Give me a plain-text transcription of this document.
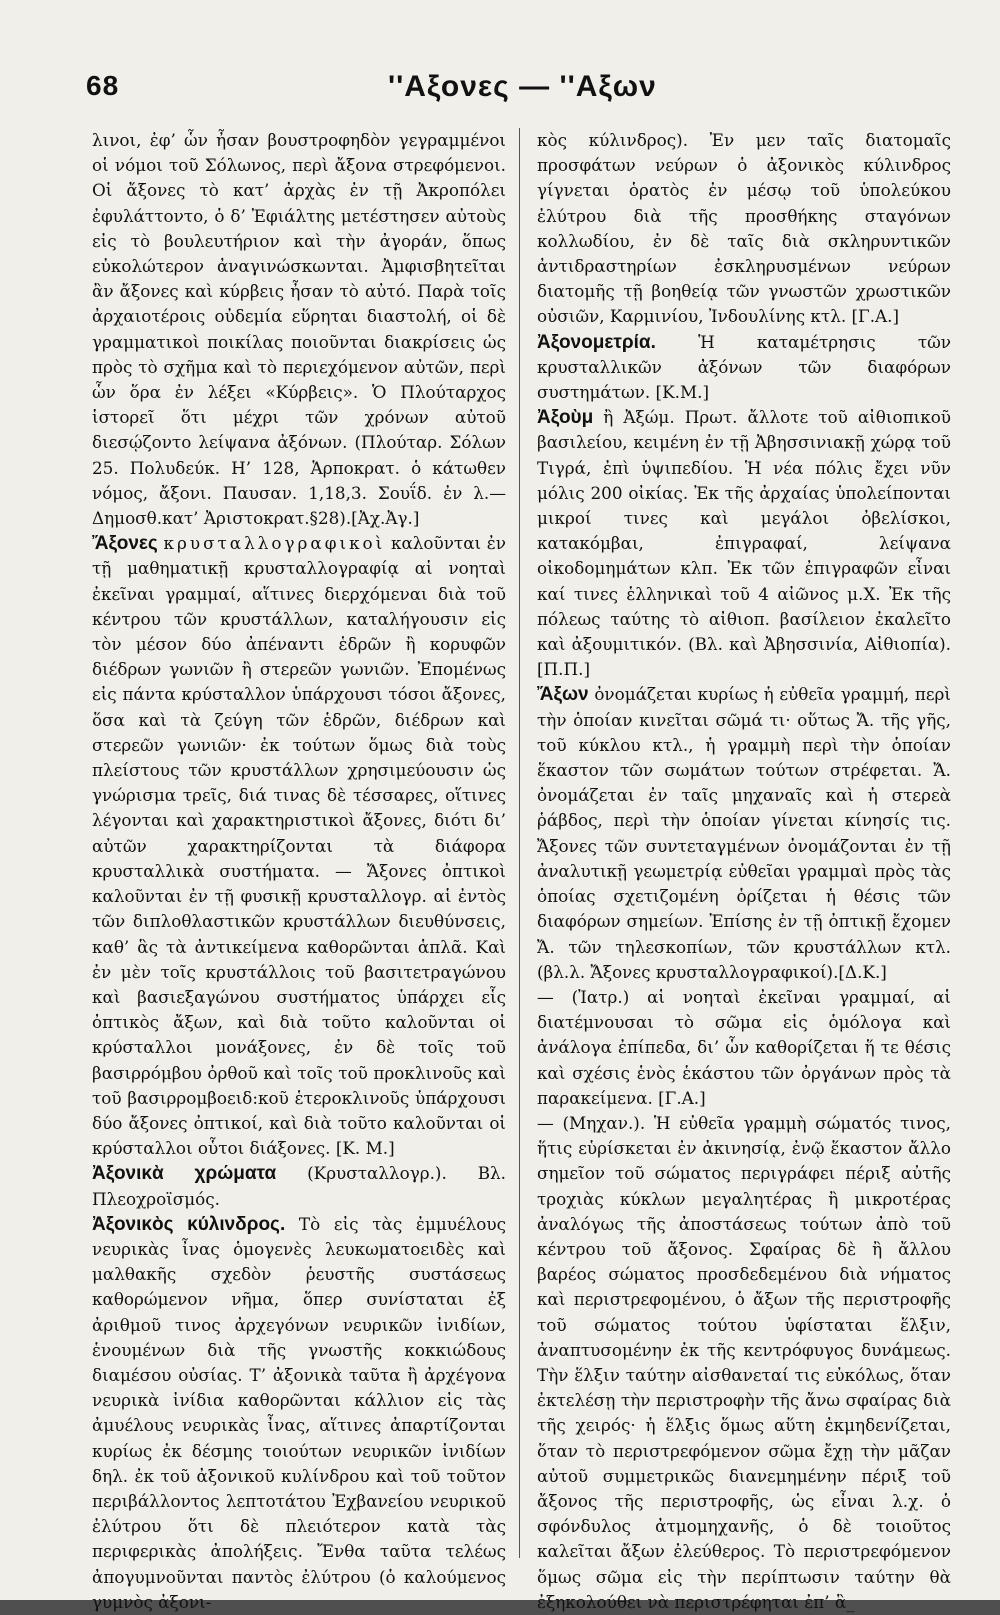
68	''Αξονες — ''Αξων

λινοι, ἐφ’ ὧν ἦσαν βουστροφηδὸν γεγραμμένοι οἱ νόμοι τοῦ Σόλωνος, περὶ ἄξονα στρεφόμενοι. Οἱ ἄξονες τὸ κατ’ ἀρχὰς ἐν τῇ Ἀκροπόλει ἐφυλάττοντο, ὁ δ’ Ἐφιάλτης μετέστησεν αὐτοὺς εἰς τὸ βουλευτήριον καὶ τὴν ἀγοράν, ὅπως εὐκολώτερον ἀναγινώσκωνται. Ἀμφισβητεῖται ἂν ἄξονες καὶ κύρβεις ἦσαν τὸ αὐτό. Παρὰ τοῖς ἀρχαιοτέροις οὐδεμία εὕρηται διαστολή, οἱ δὲ γραμματικοὶ ποικίλας ποιοῦνται διακρίσεις ὡς πρὸς τὸ σχῆμα καὶ τὸ περιεχόμενον αὐτῶν, περὶ ὧν ὅρα ἐν λέξει «Κύρβεις». Ὁ Πλούταρχος ἱστορεῖ ὅτι μέχρι τῶν χρόνων αὐτοῦ διεσῴζοντο λείψανα ἀξόνων. (Πλούταρ. Σόλων 25. Πολυδεύκ. Η’ 128, Ἁρποκρατ. ὁ κάτωθεν νόμος, ἄξονι. Παυσαν. 1,18,3. Σουΐδ. ἐν λ.—Δημοσθ.κατ’ Ἀριστοκρατ.§28).[Ἀχ.Ἀγ.]

Ἄξονες κρυσταλλογραφικοὶ καλοῦνται ἐν τῇ μαθηματικῇ κρυσταλλογραφίᾳ αἱ νοηταὶ ἐκεῖναι γραμμαί, αἵτινες διερχόμεναι διὰ τοῦ κέντρου τῶν κρυστάλλων, καταλήγουσιν εἰς τὸν μέσον δύο ἀπέναντι ἑδρῶν ἢ κορυφῶν διέδρων γωνιῶν ἢ στερεῶν γωνιῶν. Ἐπομένως εἰς πάντα κρύσταλλον ὑπάρχουσι τόσοι ἄξονες, ὅσα καὶ τὰ ζεύγη τῶν ἑδρῶν, διέδρων καὶ στερεῶν γωνιῶν· ἐκ τούτων ὅμως διὰ τοὺς πλείστους τῶν κρυστάλλων χρησιμεύουσιν ὡς γνώρισμα τρεῖς, διά τινας δὲ τέσσαρες, οἵτινες λέγονται καὶ χαρακτηριστικοὶ ἄξονες, διότι δι’ αὐτῶν χαρακτηρίζονται τὰ διάφορα κρυσταλλικὰ συστήματα. — Ἄξονες ὀπτικοὶ καλοῦνται ἐν τῇ φυσικῇ κρυσταλλογρ. αἱ ἐντὸς τῶν διπλοθλαστικῶν κρυστάλλων διευθύνσεις, καθ’ ἃς τὰ ἀντικείμενα καθορῶνται ἁπλᾶ. Καὶ ἐν μὲν τοῖς κρυστάλλοις τοῦ βασιτετραγώνου καὶ βασιεξαγώνου συστήματος ὑπάρχει εἷς ὀπτικὸς ἄξων, καὶ διὰ τοῦτο καλοῦνται οἱ κρύσταλλοι μονάξονες, ἐν δὲ τοῖς τοῦ βασιρρόμβου ὀρθοῦ καὶ τοῖς τοῦ προκλινοῦς καὶ τοῦ βασιρρομβοειδ:κοῦ ἑτεροκλινοῦς ὑπάρχουσι δύο ἄξονες ὀπτικοί, καὶ διὰ τοῦτο καλοῦνται οἱ κρύσταλλοι οὗτοι διάξονες. [Κ. Μ.]

Ἀξονικὰ χρώματα (Κρυσταλλογρ.). Βλ. Πλεοχροϊσμός.

Ἀξονικὸς κύλινδρος. Τὸ εἰς τὰς ἐμμυέλους νευρικὰς ἶνας ὁμογενὲς λευκωματοειδὲς καὶ μαλθακῆς σχεδὸν ῥευστῆς συστάσεως καθορώμενον νῆμα, ὅπερ συνίσταται ἐξ ἀριθμοῦ τινος ἀρχεγόνων νευρικῶν ἰνιδίων, ἑνουμένων διὰ τῆς γνωστῆς κοκκιώδους διαμέσου οὐσίας. Τ’ ἀξονικὰ ταῦτα ἢ ἀρχέγονα νευρικὰ ἰνίδια καθορῶνται κάλλιον εἰς τὰς ἀμυέλους νευρικὰς ἶνας, αἵτινες ἀπαρτίζονται κυρίως ἐκ δέσμης τοιούτων νευρικῶν ἰνιδίων δηλ. ἐκ τοῦ ἀξονικοῦ κυλίνδρου καὶ τοῦ τοῦτον περιβάλλοντος λεπτοτάτου Ἐχβανείου νευρικοῦ ἐλύτρου ὅτι δὲ πλειότερον κατὰ τὰς περιφερικὰς ἀπολήξεις. Ἔνθα ταῦτα τελέως ἀπογυμνοῦνται παντὸς ἐλύτρου (ὁ καλούμενος γυμνὸς ἀξονι-

κὸς κύλινδρος). Ἐν μεν ταῖς διατομαῖς προσφάτων νεύρων ὁ ἀξονικὸς κύλινδρος γίγνεται ὁρατὸς ἐν μέσῳ τοῦ ὑπολεύκου ἐλύτρου διὰ τῆς προσθήκης σταγόνων κολλωδίου, ἐν δὲ ταῖς διὰ σκληρυντικῶν ἀντιδραστηρίων ἐσκληρυσμένων νεύρων διατομῆς τῇ βοηθείᾳ τῶν γνωστῶν χρωστικῶν οὐσιῶν, Καρμινίου, Ἰνδουλίνης κτλ. [Γ.Α.]

Ἀξονομετρία.	Ἡ καταμέτρησις τῶν κρυσταλλικῶν ἀξόνων τῶν διαφόρων συστημάτων. [Κ.Μ.]

Ἀξοὺμ ἢ Ἀξώμ. Πρωτ. ἄλλοτε τοῦ αἰθιοπικοῦ βασιλείου, κειμένη ἐν τῇ Ἀβησσινιακῇ χώρᾳ τοῦ Τιγρά, ἐπὶ ὑψιπεδίου. Ἡ νέα πόλις ἔχει νῦν μόλις 200 οἰκίας. Ἐκ τῆς ἀρχαίας ὑπολείπονται μικροί τινες καὶ μεγάλοι ὀβελίσκοι, κατακόμβαι, ἐπιγραφαί, λείψανα οἰκοδομημάτων κλπ. Ἐκ τῶν ἐπιγραφῶν εἶναι καί τινες ἑλληνικαὶ τοῦ 4 αἰῶνος μ.Χ. Ἐκ τῆς πόλεως ταύτης τὸ αἰθιοπ. βασίλειον ἐκαλεῖτο καὶ ἀξουμιτικόν. (Βλ. καὶ Ἀβησσινία, Αἰθιοπία). [Π.Π.]

Ἄξων ὀνομάζεται κυρίως ἡ εὐθεῖα γραμμή, περὶ τὴν ὁποίαν κινεῖται σῶμά τι· οὕτως Ἄ. τῆς γῆς, τοῦ κύκλου κτλ., ἡ γραμμὴ περὶ τὴν ὁποίαν ἕκαστον τῶν σωμάτων τούτων στρέφεται. Ἄ. ὀνομάζεται ἐν ταῖς μηχαναῖς καὶ ἡ στερεὰ ῥάβδος, περὶ τὴν ὁποίαν γίνεται κίνησίς τις. Ἄξονες τῶν συντεταγμένων ὀνομάζονται ἐν τῇ ἀναλυτικῇ γεωμετρίᾳ εὐθεῖαι γραμμαὶ πρὸς τὰς ὁποίας σχετιζομένη ὁρίζεται ἡ θέσις τῶν διαφόρων σημείων. Ἐπίσης ἐν τῇ ὀπτικῇ ἔχομεν Ἄ. τῶν τηλεσκοπίων, τῶν κρυστάλλων κτλ.(βλ.λ. Ἄξονες κρυσταλλογραφικοί).[Δ.Κ.]

— (Ἰατρ.) αἱ νοηταὶ ἐκεῖναι γραμμαί, αἱ διατέμνουσαι τὸ σῶμα εἰς ὁμόλογα καὶ ἀνάλογα ἐπίπεδα, δι’ ὧν καθορίζεται ἥ τε θέσις καὶ σχέσις ἑνὸς ἑκάστου τῶν ὀργάνων πρὸς τὰ παρακείμενα. [Γ.Α.]

— (Μηχαν.). Ἡ εὐθεῖα γραμμὴ σώματός τινος, ἥτις εὑρίσκεται ἐν ἀκινησίᾳ, ἐνῷ ἕκαστον ἄλλο σημεῖον τοῦ σώματος περιγράφει πέριξ αὐτῆς τροχιὰς κύκλων μεγαλητέρας ἢ μικροτέρας ἀναλόγως τῆς ἀποστάσεως τούτων ἀπὸ τοῦ κέντρου τοῦ ἄξονος. Σφαίρας δὲ ἢ ἄλλου βαρέος σώματος προσδεδεμένου διὰ νήματος καὶ περιστρεφομένου, ὁ ἄξων τῆς περιστροφῆς τοῦ σώματος τούτου ὑφίσταται ἕλξιν, ἀναπτυσομένην ἐκ τῆς κεντρόφυγος δυνάμεως. Τὴν ἕλξιν ταύτην αἰσθανεταί τις εὐκόλως, ὅταν ἐκτελέσῃ τὴν περιστροφὴν τῆς ἄνω σφαίρας διὰ τῆς χειρός· ἡ ἕλξις ὅμως αὕτη ἐκμηδενίζεται, ὅταν τὸ περιστρεφόμενον σῶμα ἔχῃ τὴν μᾶζαν αὐτοῦ συμμετρικῶς διανεμημένην πέριξ τοῦ ἄξονος τῆς περιστροφῆς, ὡς εἶναι λ.χ. ὁ σφόνδυλος ἀτμομηχανῆς, ὁ δὲ τοιοῦτος καλεῖται ἄξων ἐλεύθερος. Τὸ περιστρεφόμενον ὅμως σῶμα εἰς τὴν περίπτωσιν ταύτην θὰ ἐξηκολούθει νὰ περιστρέφηται ἐπ’ ἃ_
